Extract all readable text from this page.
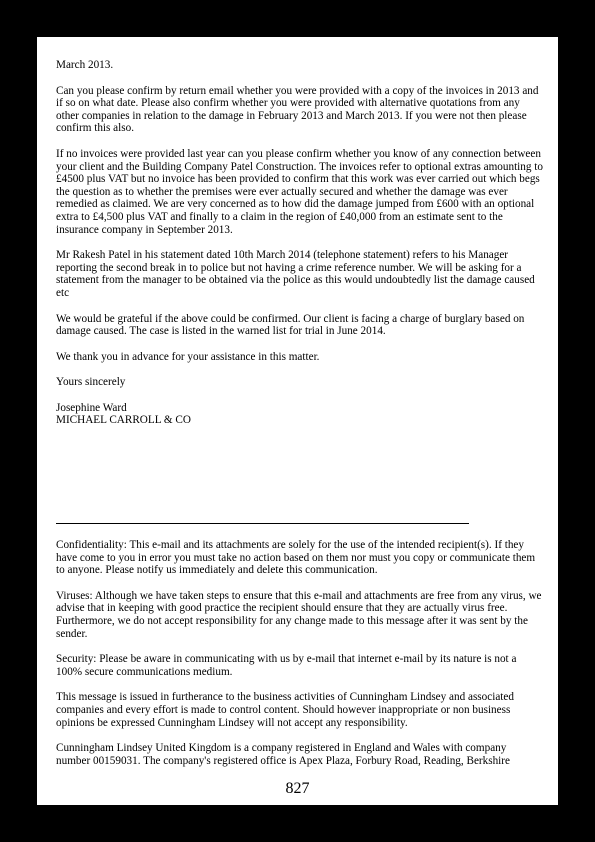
March 2013.

Can you please confirm by return email whether you were provided with a copy of the invoices in 2013 and if so on what date. Please also confirm whether you were provided with alternative quotations from any other companies in relation to the damage in February 2013 and March 2013. If you were not then please confirm this also.

If no invoices were provided last year can you please confirm whether you know of any connection between your client and the Building Company Patel Construction. The invoices refer to optional extras amounting to £4500 plus VAT but no invoice has been provided to confirm that this work was ever carried out which begs the question as to whether the premises were ever actually secured and whether the damage was ever remedied as claimed. We are very concerned as to how did the damage jumped from £600 with an optional extra to £4,500 plus VAT and finally to a claim in the region of £40,000 from an estimate sent to the insurance company in September 2013.

Mr Rakesh Patel in his statement dated 10th March 2014 (telephone statement) refers to his Manager reporting the second break in to police but not having a crime reference number. We will be asking for a statement from the manager to be obtained via the police as this would undoubtedly list the damage caused etc

We would be grateful if the above could be confirmed. Our client is facing a charge of burglary based on damage caused. The case is listed in the warned list for trial in June 2014.

We thank you in advance for your assistance in this matter.

Yours sincerely

Josephine Ward

MICHAEL CARROLL & CO

Confidentiality: This e-mail and its attachments are solely for the use of the intended recipient(s). If they have come to you in error you must take no action based on them nor must you copy or communicate them to anyone. Please notify us immediately and delete this communication.

Viruses: Although we have taken steps to ensure that this e-mail and attachments are free from any virus, we advise that in keeping with good practice the recipient should ensure that they are actually virus free. Furthermore, we do not accept responsibility for any change made to this message after it was sent by the sender.

Security: Please be aware in communicating with us by e-mail that internet e-mail by its nature is not a 100% secure communications medium.

This message is issued in furtherance to the business activities of Cunningham Lindsey and associated companies and every effort is made to control content. Should however inappropriate or non business opinions be expressed Cunningham Lindsey will not accept any responsibility.

Cunningham Lindsey United Kingdom is a company registered in England and Wales with company number 00159031. The company's registered office is Apex Plaza, Forbury Road, Reading, Berkshire

827
